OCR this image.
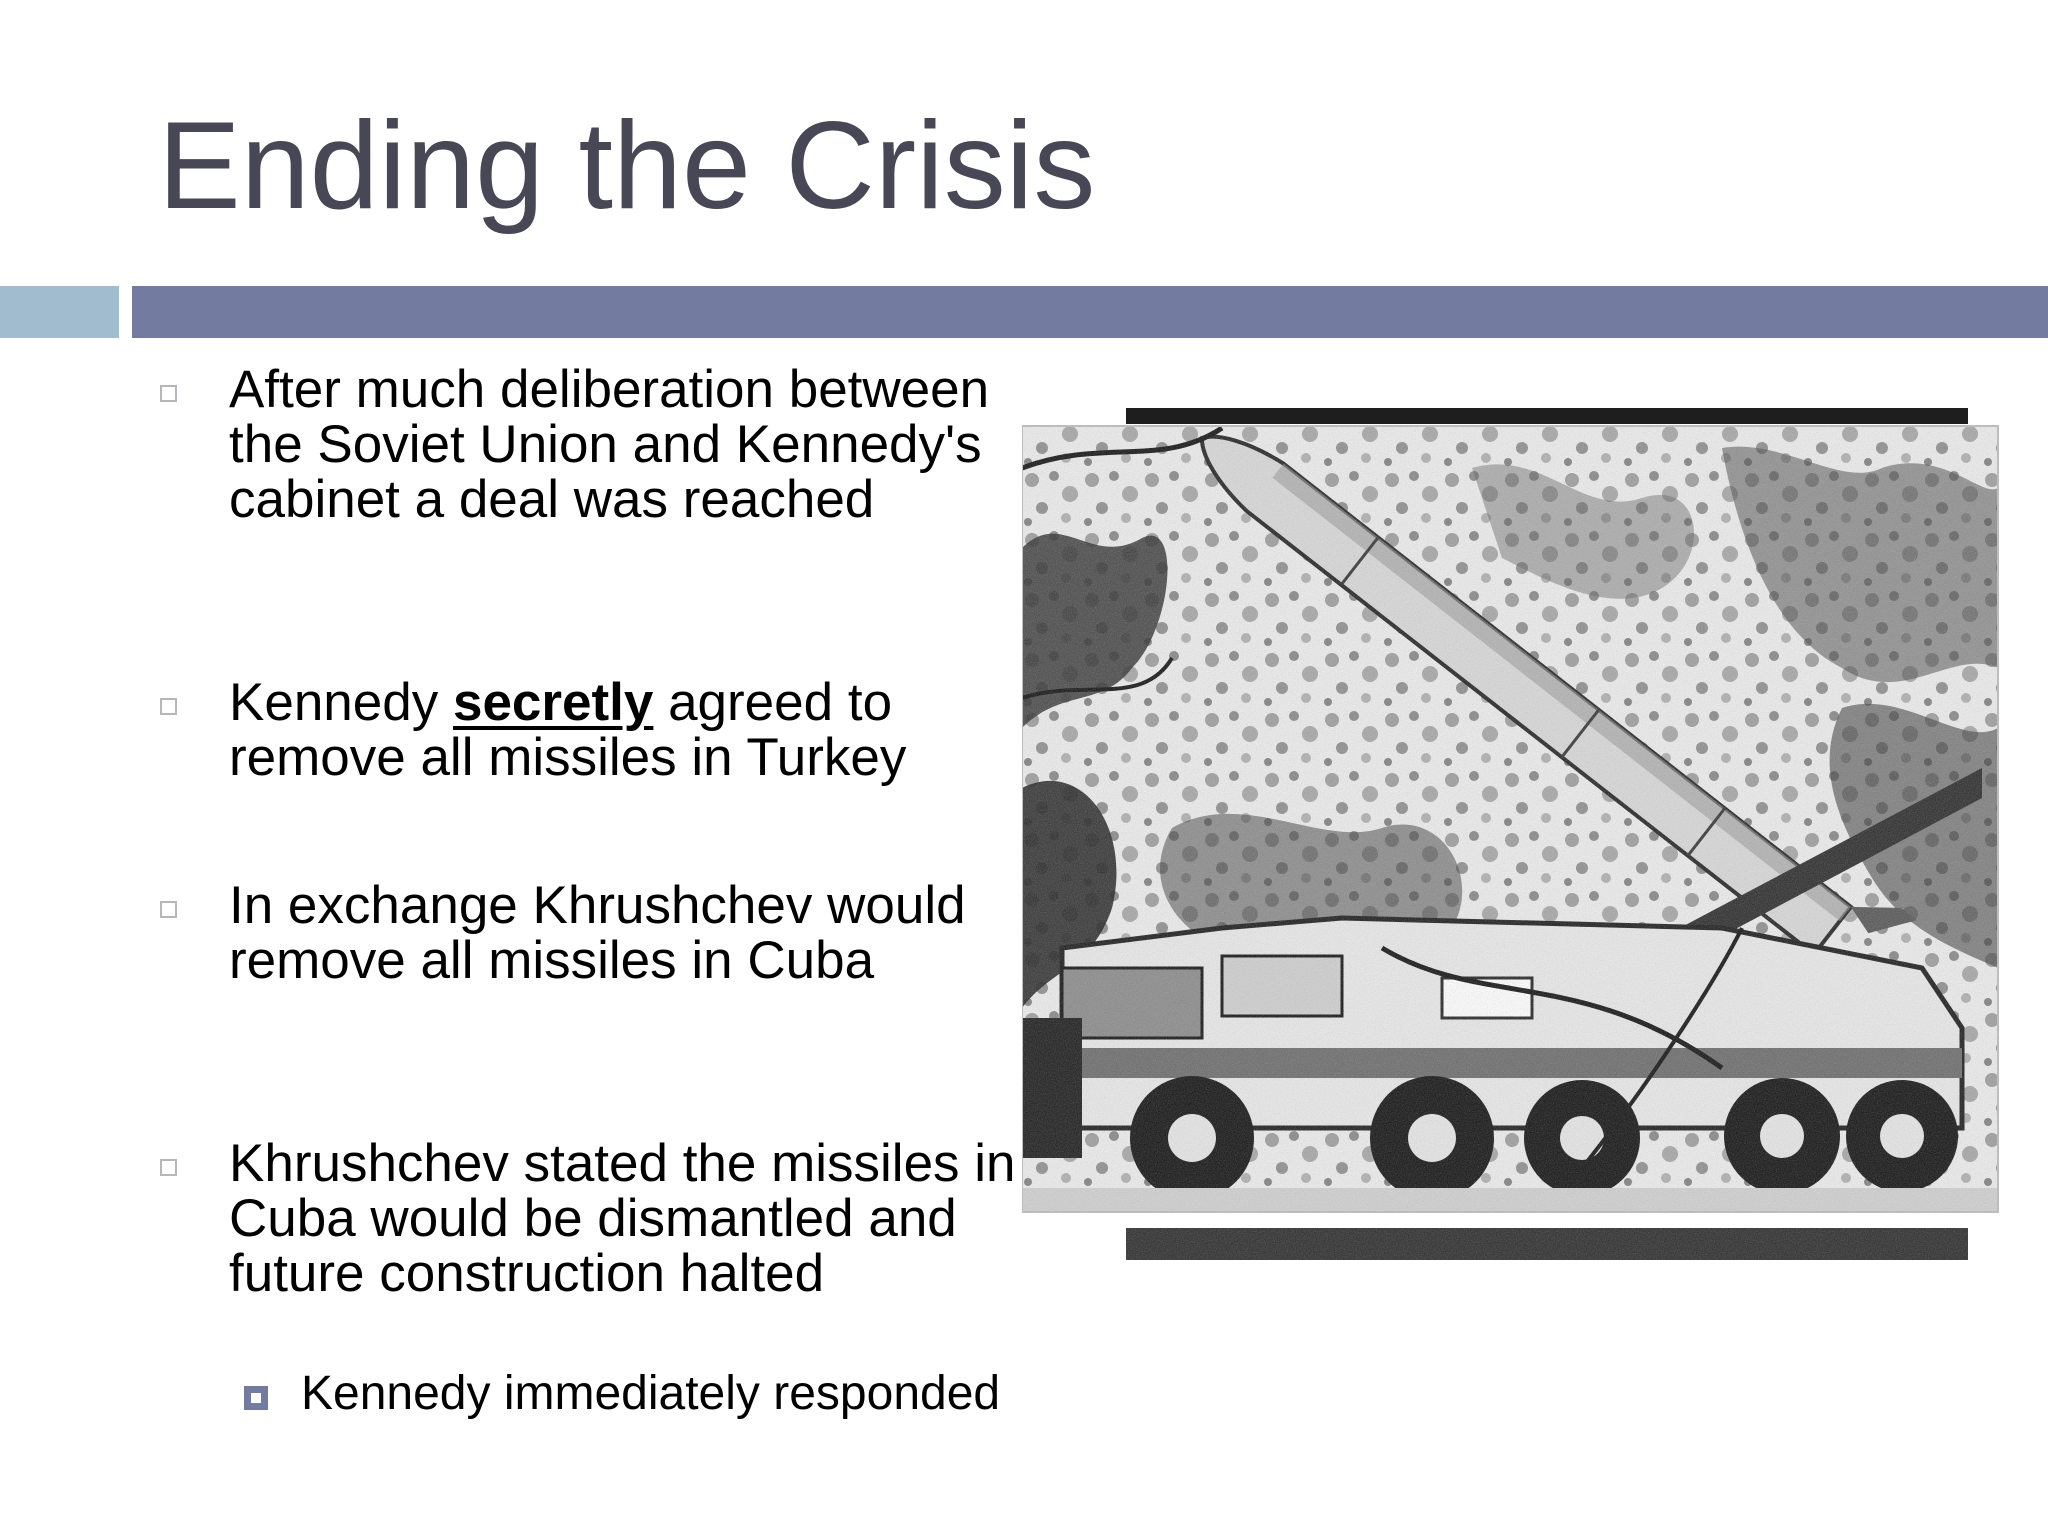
Ending the Crisis
After much deliberation between the Soviet Union and Kennedy's cabinet a deal was reached
Kennedy secretly agreed to remove all missiles in Turkey
In exchange Khrushchev would remove all missiles in Cuba
Khrushchev stated the missiles in Cuba would be dismantled and future construction halted
Kennedy immediately responded
